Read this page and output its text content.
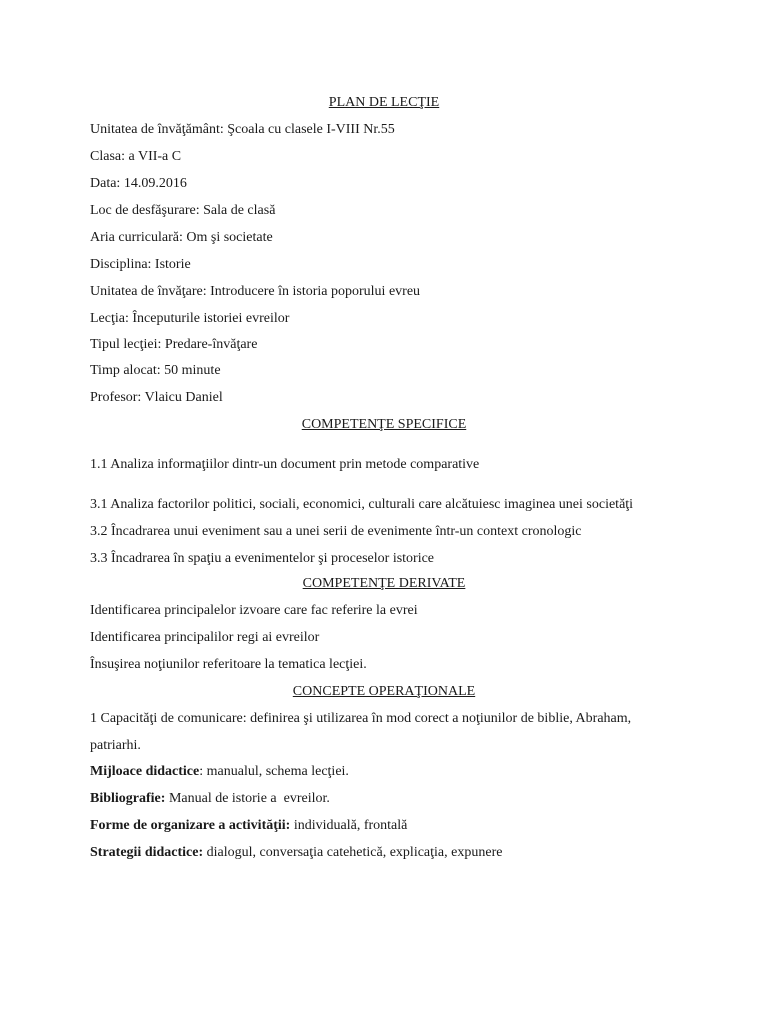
PLAN DE LECŢIE
Unitatea de învăţământ: Şcoala cu clasele I-VIII Nr.55
Clasa: a VII-a C
Data: 14.09.2016
Loc de desfăşurare: Sala de clasă
Aria curriculară: Om şi societate
Disciplina: Istorie
Unitatea de învăţare: Introducere în istoria poporului evreu
Lecţia: Începuturile istoriei evreilor
Tipul lecţiei: Predare-învăţare
Timp alocat: 50 minute
Profesor: Vlaicu Daniel
COMPETENŢE SPECIFICE
1.1 Analiza informaţiilor dintr-un document prin metode comparative
3.1 Analiza factorilor politici, sociali, economici, culturali care alcătuiesc imaginea unei societăţi
3.2 Încadrarea unui eveniment sau a unei serii de evenimente într-un context cronologic
3.3 Încadrarea în spaţiu a evenimentelor şi proceselor istorice
COMPETENŢE DERIVATE
Identificarea principalelor izvoare care fac referire la evrei
Identificarea principalilor regi ai evreilor
Însuşirea noţiunilor referitoare la tematica lecţiei.
CONCEPTE OPERAŢIONALE
1 Capacităţi de comunicare: definirea şi utilizarea în mod corect a noţiunilor de biblie, Abraham,
patriarhi.
Mijloace didactice: manualul, schema lecţiei.
Bibliografie: Manual de istorie a  evreilor.
Forme de organizare a activităţii: individuală, frontală
Strategii didactice: dialogul, conversaţia catehetică, explicaţia, expunere
